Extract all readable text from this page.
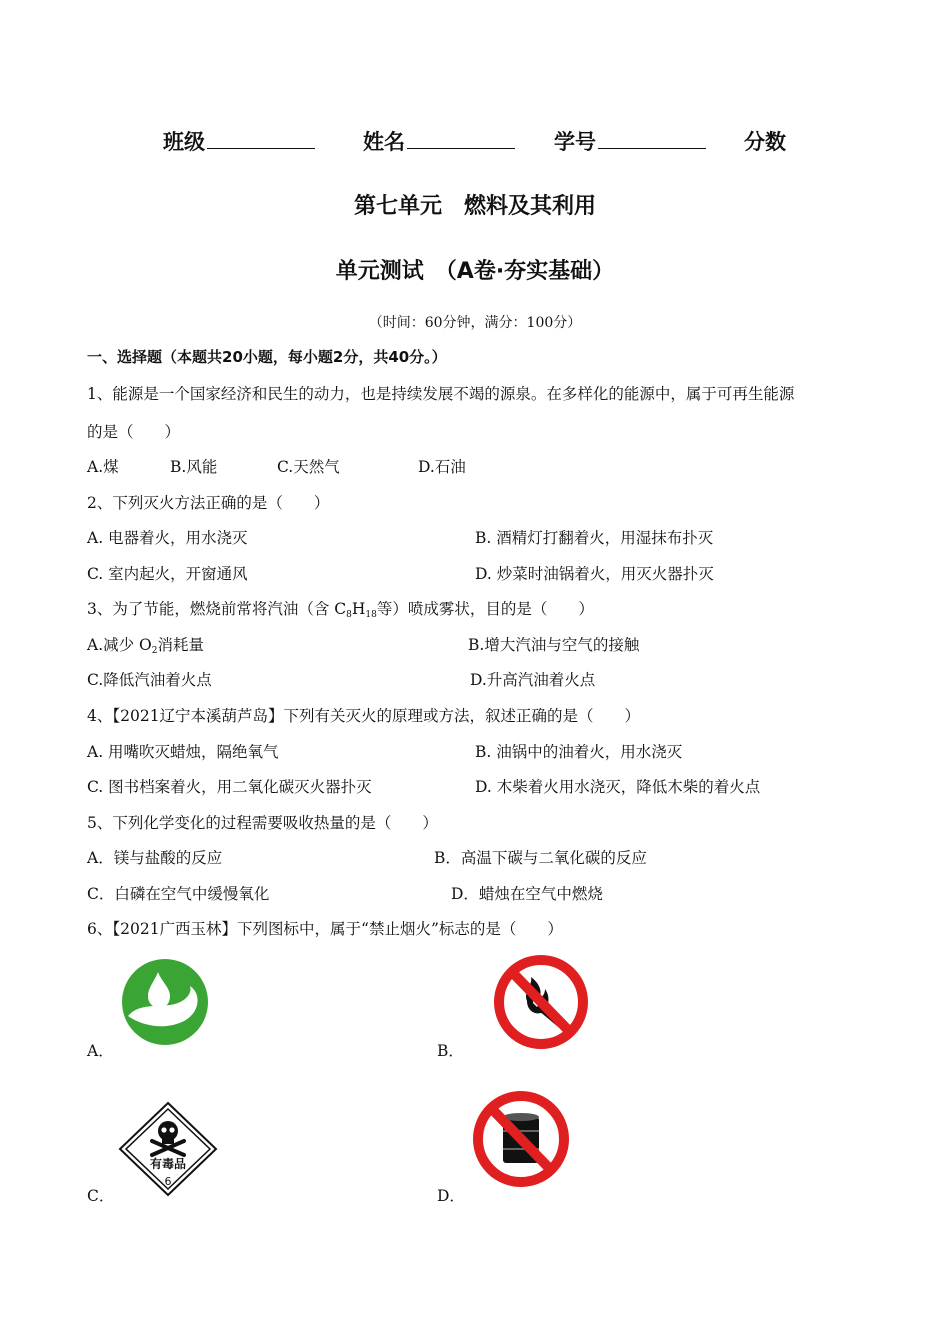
班级	姓名	学号	分数
第七单元　燃料及其利用
单元测试　（A卷·夯实基础）
（时间：60分钟，满分：100分）
一、选择题（本题共20小题，每小题2分，共40分。）
1、能源是一个国家经济和民生的动力，也是持续发展不竭的源泉。在多样化的能源中，属于可再生能源
的是（　　）
A.煤	B.风能	C.天然气	D.石油
2、下列灭火方法正确的是（　　）
A. 电器着火，用水浇灭	B. 酒精灯打翻着火，用湿抹布扑灭
C. 室内起火，开窗通风	D. 炒菜时油锅着火，用灭火器扑灭
3、为了节能，燃烧前常将汽油（含 $C_8H_{18}$等）喷成雾状，目的是（　　）
A.减少 $O_2$消耗量	B.增大汽油与空气的接触
C.降低汽油着火点	D.升高汽油着火点
4、【2021辽宁本溪葫芦岛】下列有关灭火的原理或方法，叙述正确的是（　　）
A. 用嘴吹灭蜡烛，隔绝氧气	B. 油锅中的油着火，用水浇灭
C. 图书档案着火，用二氧化碳灭火器扑灭	D. 木柴着火用水浇灭，降低木柴的着火点
5、下列化学变化的过程需要吸收热量的是（　　）
A．镁与盐酸的反应	B．高温下碳与二氧化碳的反应
C．白磷在空气中缓慢氧化	D．蜡烛在空气中燃烧
6、【2021广西玉林】下列图标中，属于“禁止烟火”标志的是（　　）
A．	B．
有毒品
6
C．	D．
